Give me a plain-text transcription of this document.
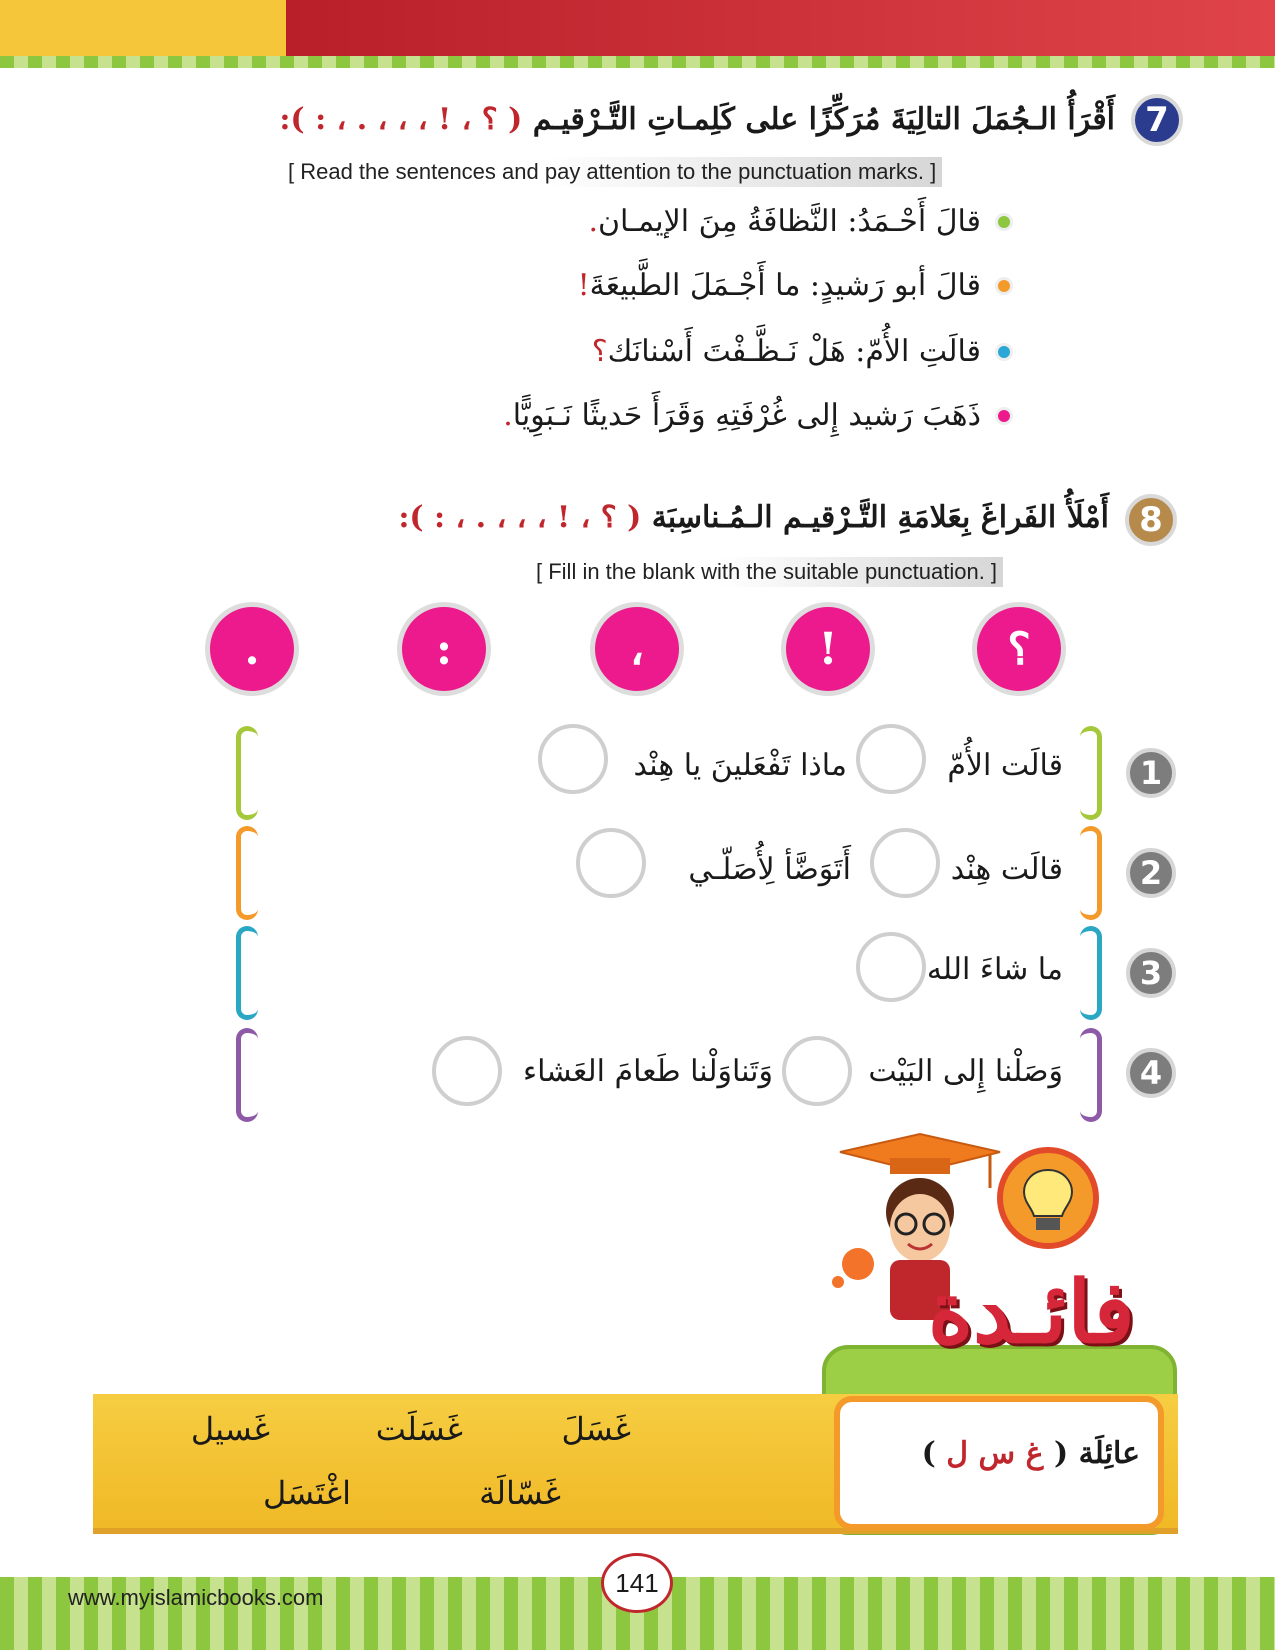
7
أَقْرَأُ الـجُمَلَ التالِيَةَ مُرَكِّزًا على كَلِمـاتِ التَّـرْقيـم ( ؟ ، ! ، ، ، . ، : ):
[ Read the sentences and pay attention to the punctuation marks. ]
قالَ أَحْـمَدُ: النَّظافَةُ مِنَ الإيمـان
.
قالَ أبو رَشيدٍ: ما أَجْـمَلَ الطَّبيعَةَ
!
قالَتِ الأُمّ: هَلْ نَـظَّـفْتَ أَسْنانَك
؟
ذَهَبَ رَشيد إِلى غُرْفَتِهِ وَقَرَأَ حَديثًا نَـبَوِيًّا
.
8
أَمْلَأُ الفَراغَ بِعَلامَةِ التَّـرْقيـم الـمُـناسِبَة ( ؟ ، ! ، ، ، . ، : ):
[ Fill in the blank with the suitable punctuation. ]
؟
!
،
:
.
1
قالَت الأُمّ
ماذا تَفْعَلينَ يا هِنْد
2
قالَت هِنْد
أَتَوَضَّأ لِأُصَلّـي
3
ما شاءَ الله
4
وَصَلْنا إِلى البَيْت
وَتَناوَلْنا طَعامَ العَشاء
فائـدة
غَسَلَ
غَسَلَت
غَسيل
غَسّالَة
اغْتَسَل
عائِلَة ( غ س ل )
141
www.myislamicbooks.com
